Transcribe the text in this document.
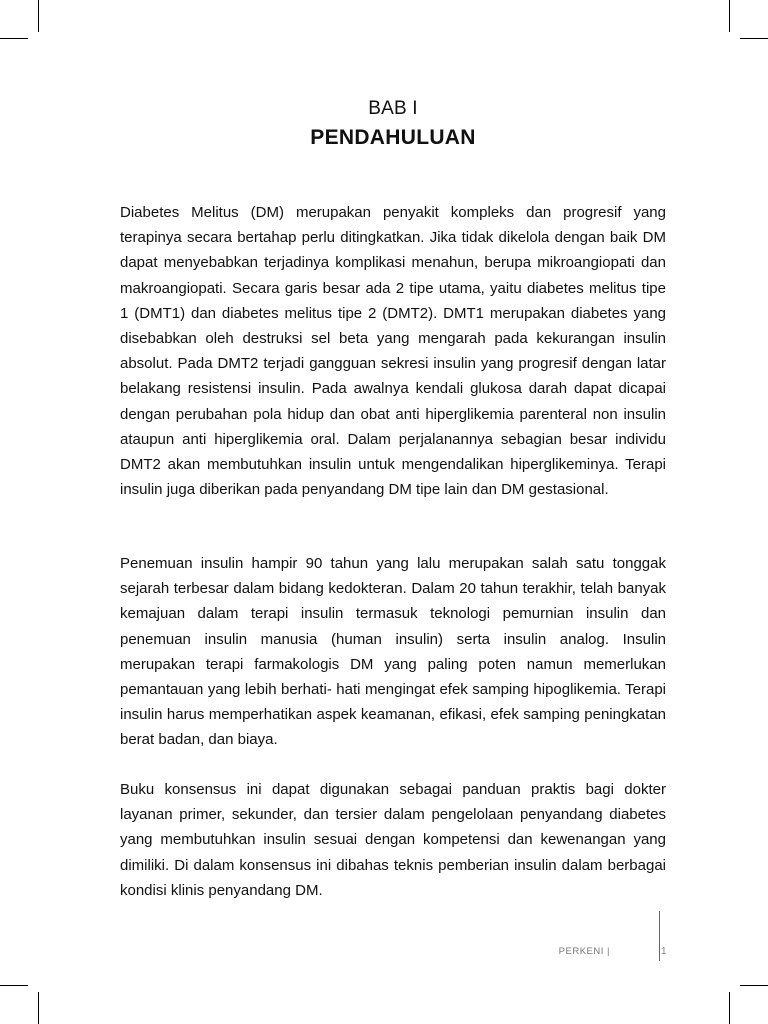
BAB I
PENDAHULUAN

Diabetes Melitus (DM) merupakan penyakit kompleks dan progresif yang terapinya secara bertahap perlu ditingkatkan. Jika tidak dikelola dengan baik DM dapat menyebabkan terjadinya komplikasi menahun, berupa mikroangiopati dan makroangiopati. Secara garis besar ada 2 tipe utama, yaitu diabetes melitus tipe 1 (DMT1) dan diabetes melitus tipe 2 (DMT2). DMT1 merupakan diabetes yang disebabkan oleh destruksi sel beta yang mengarah pada kekurangan insulin absolut. Pada DMT2 terjadi gangguan sekresi insulin yang progresif dengan latar belakang resistensi insulin. Pada awalnya kendali glukosa darah dapat dicapai dengan perubahan pola hidup dan obat anti hiperglikemia parenteral non insulin ataupun anti hiperglikemia oral. Dalam perjalanannya sebagian besar individu DMT2 akan membutuhkan insulin untuk mengendalikan hiperglikeminya. Terapi insulin juga diberikan pada penyandang DM tipe lain dan DM gestasional.

Penemuan insulin hampir 90 tahun yang lalu merupakan salah satu tonggak sejarah terbesar dalam bidang kedokteran. Dalam 20 tahun terakhir, telah banyak kemajuan dalam terapi insulin termasuk teknologi pemurnian insulin dan penemuan insulin manusia (human insulin) serta insulin analog. Insulin merupakan terapi farmakologis DM yang paling poten namun memerlukan pemantauan yang lebih berhati- hati mengingat efek samping hipoglikemia. Terapi insulin harus memperhatikan aspek keamanan, efikasi, efek samping peningkatan berat badan, dan biaya.

Buku konsensus ini dapat digunakan sebagai panduan praktis bagi dokter layanan primer, sekunder, dan tersier dalam pengelolaan penyandang diabetes yang membutuhkan insulin sesuai dengan kompetensi dan kewenangan yang dimiliki. Di dalam konsensus ini dibahas teknis pemberian insulin dalam berbagai kondisi klinis penyandang DM.

PERKENI |	1
